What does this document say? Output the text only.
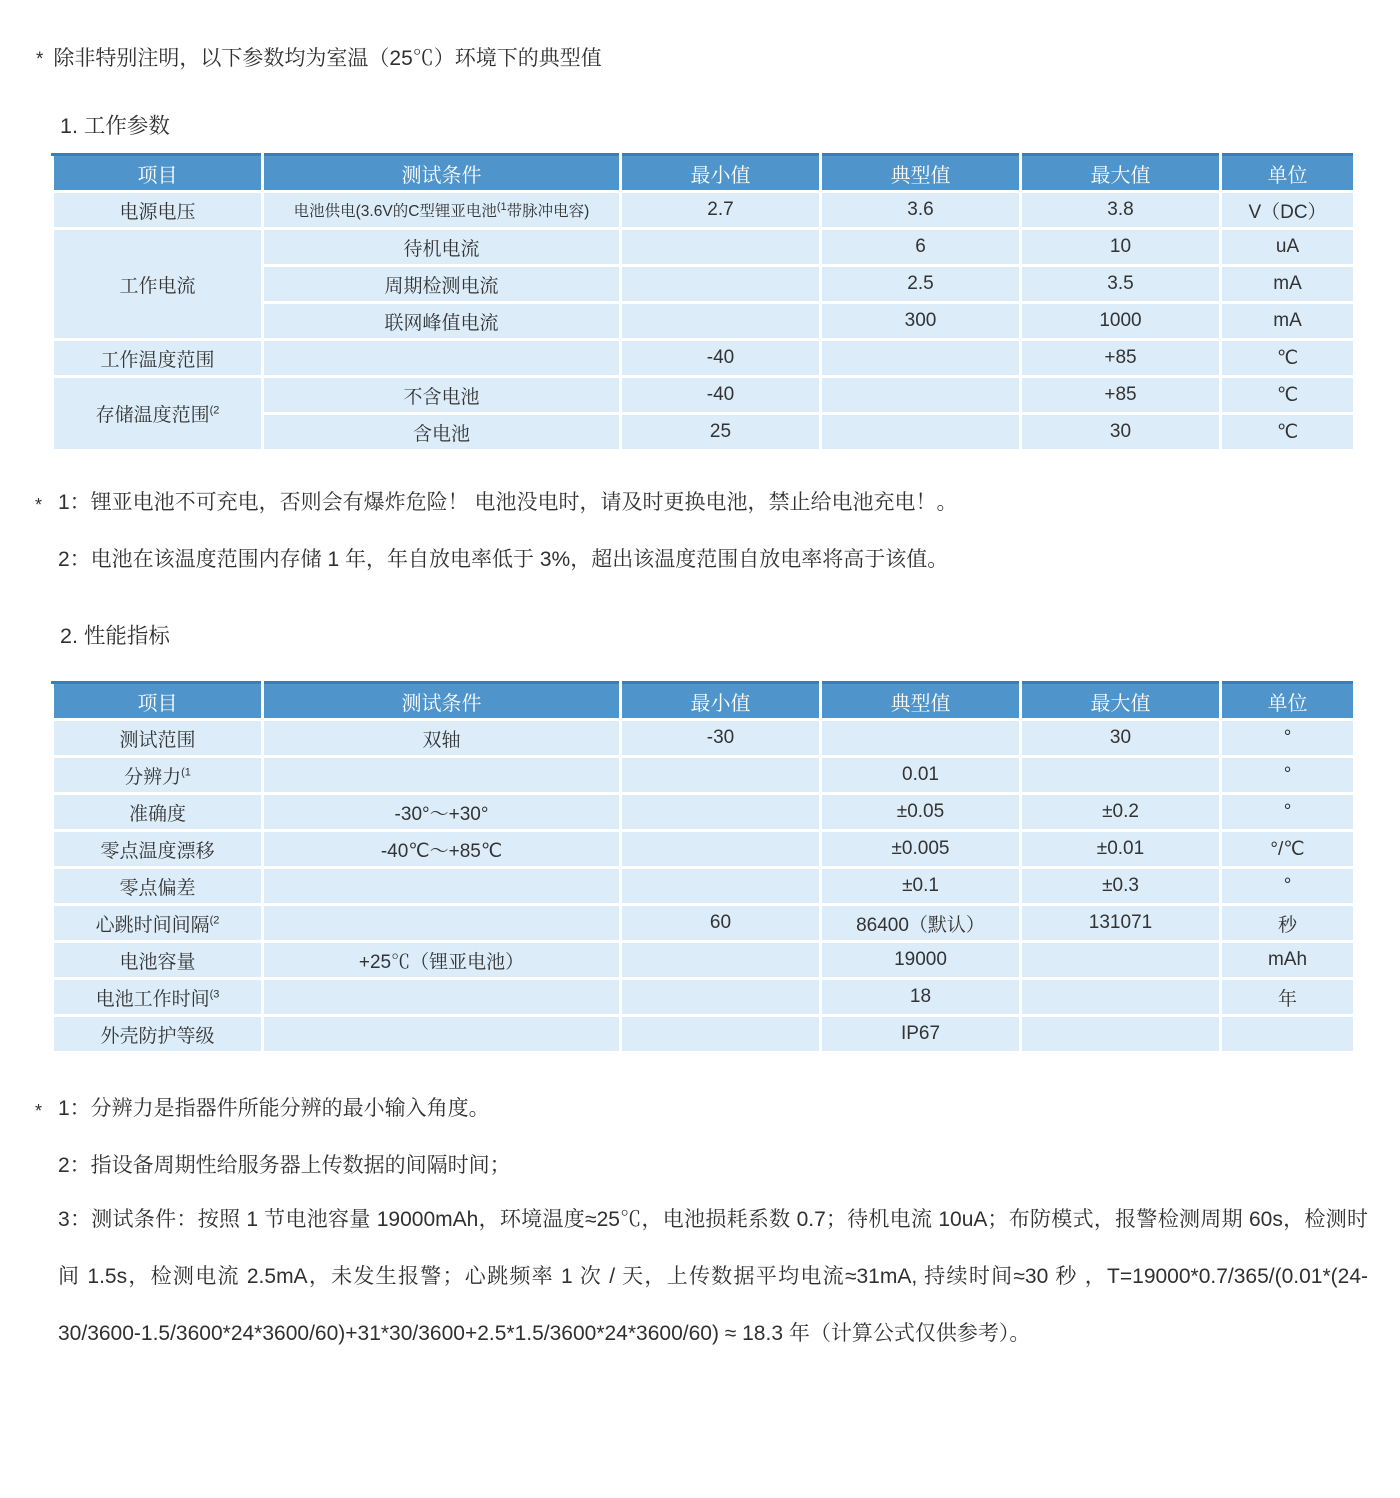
* 除非特别注明，以下参数均为室温（25℃）环境下的典型值
1. 工作参数
项目	测试条件	最小值	典型值	最大值	单位
电源电压	电池供电(3.6V的C型锂亚电池$^{(1}$带脉冲电容)	2.7	3.6	3.8	V（DC）
工作电流	待机电流		6	10	uA
	周期检测电流		2.5	3.5	mA
	联网峰值电流		300	1000	mA
工作温度范围		-40		+85	℃
存储温度范围$^{(2}$	不含电池	-40		+85	℃
	含电池	25		30	℃
* 1：锂亚电池不可充电，否则会有爆炸危险！ 电池没电时，请及时更换电池，禁止给电池充电！。
2：电池在该温度范围内存储 1 年，年自放电率低于 3%，超出该温度范围自放电率将高于该值。
2. 性能指标
项目	测试条件	最小值	典型值	最大值	单位
测试范围	双轴	-30		30	°
分辨力$^{(1}$			0.01		°
准确度	-30°～+30°		±0.05	±0.2	°
零点温度漂移	-40℃～+85℃		±0.005	±0.01	°/℃
零点偏差			±0.1	±0.3	°
心跳时间间隔$^{(2}$		60	86400（默认）	131071	秒
电池容量	+25℃（锂亚电池）		19000		mAh
电池工作时间$^{(3}$			18		年
外壳防护等级			IP67		
* 1：分辨力是指器件所能分辨的最小输入角度。
2：指设备周期性给服务器上传数据的间隔时间；
3：测试条件：按照 1 节电池容量 19000mAh，环境温度≈25℃，电池损耗系数 0.7；待机电流 10uA；布防模式，报警检测周期 60s，检测时间 1.5s，检测电流 2.5mA，未发生报警；心跳频率 1 次 / 天，上传数据平均电流≈31mA, 持续时间≈30 秒 ，T=19000*0.7/365/(0.01*(24-30/3600-1.5/3600*24*3600/60)+31*30/3600+2.5*1.5/3600*24*3600/60) ≈ 18.3 年（计算公式仅供参考）。
